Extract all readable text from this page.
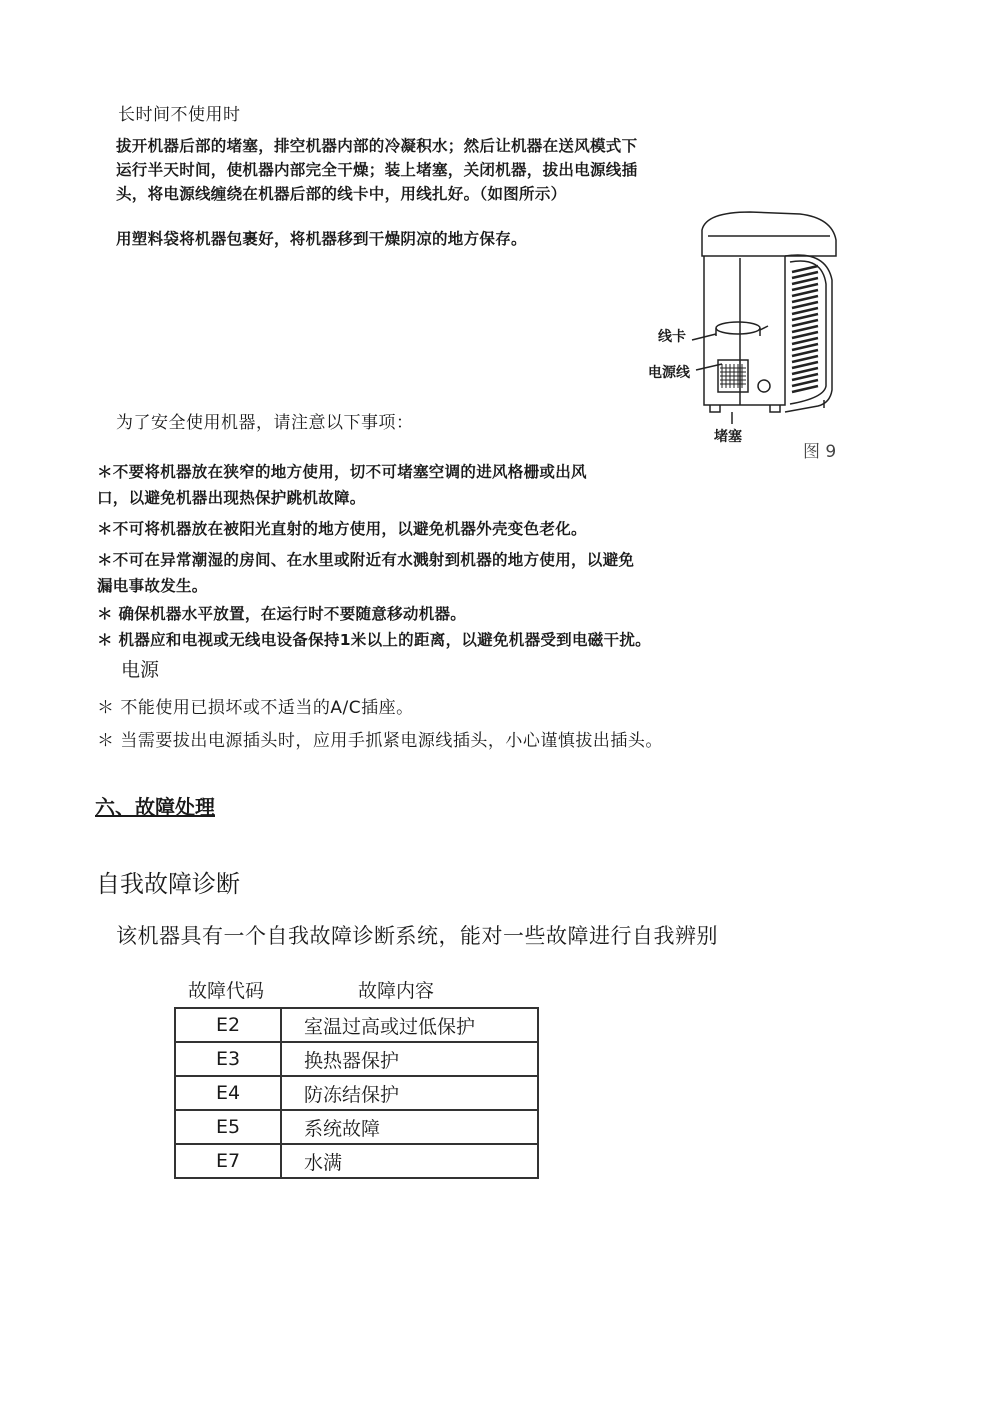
长时间不使用时
拔开机器后部的堵塞，排空机器内部的冷凝积水；然后让机器在送风模式下
运行半天时间，使机器内部完全干燥；装上堵塞，关闭机器，拔出电源线插
头，将电源线缠绕在机器后部的线卡中，用线扎好。（如图所示）
用塑料袋将机器包裹好，将机器移到干燥阴凉的地方保存。
线卡
电源线
堵塞
图 9
为了安全使用机器，请注意以下事项：
＊不要将机器放在狭窄的地方使用，切不可堵塞空调的进风格栅或出风
口，以避免机器出现热保护跳机故障。
＊不可将机器放在被阳光直射的地方使用，以避免机器外壳变色老化。
＊不可在异常潮湿的房间、在水里或附近有水溅射到机器的地方使用，以避免
漏电事故发生。
＊ 确保机器水平放置，在运行时不要随意移动机器。
＊ 机器应和电视或无线电设备保持1米以上的距离，以避免机器受到电磁干扰。
电源
＊ 不能使用已损坏或不适当的A/C插座。
＊ 当需要拔出电源插头时，应用手抓紧电源线插头，小心谨慎拔出插头。
六、故障处理
自我故障诊断
该机器具有一个自我故障诊断系统，能对一些故障进行自我辨别
故障代码	故障内容
E2	室温过高或过低保护
E3	换热器保护
E4	防冻结保护
E5	系统故障
E7	水满
